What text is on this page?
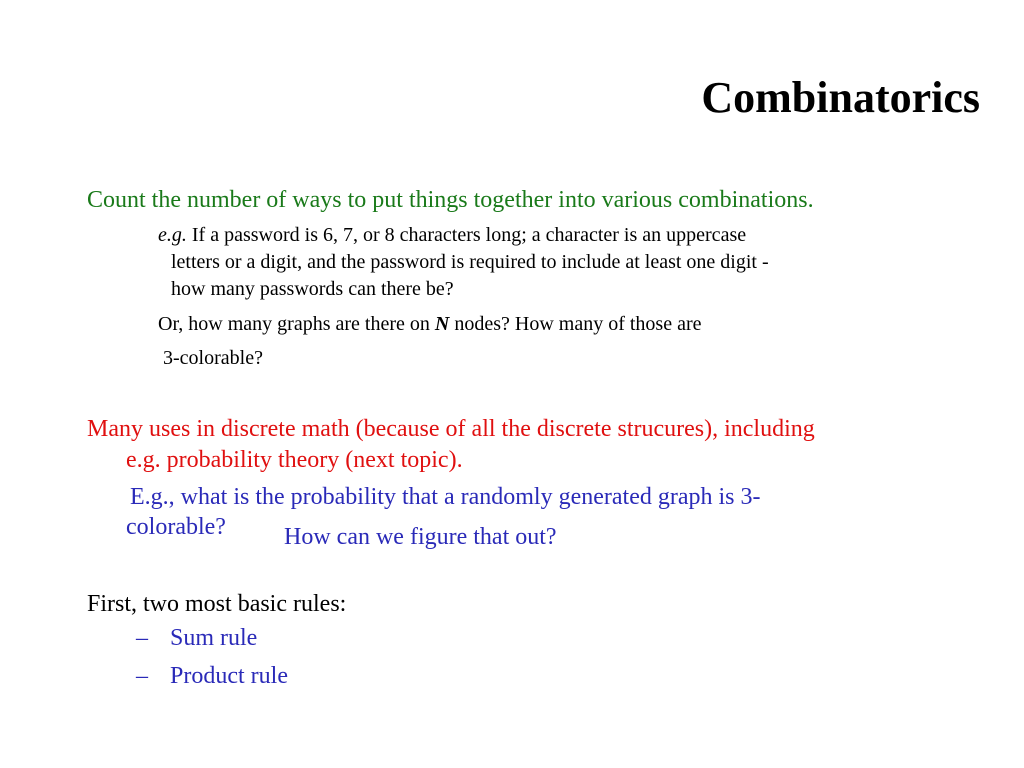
Combinatorics
Count the number of ways to put things together into various combinations.
e.g. If a password is 6, 7, or 8 characters long; a character is an uppercase
letters or a digit, and the password is required to include at least one digit -
how many passwords can there be?
Or, how many graphs are there on N nodes? How many of those are
3-colorable?
Many uses in discrete math (because of all the discrete strucures), including
e.g. probability theory (next topic).
E.g., what is the probability that a randomly generated graph is 3-
colorable? How can we figure that out?
First, two most basic rules:
– Sum rule
– Product rule
